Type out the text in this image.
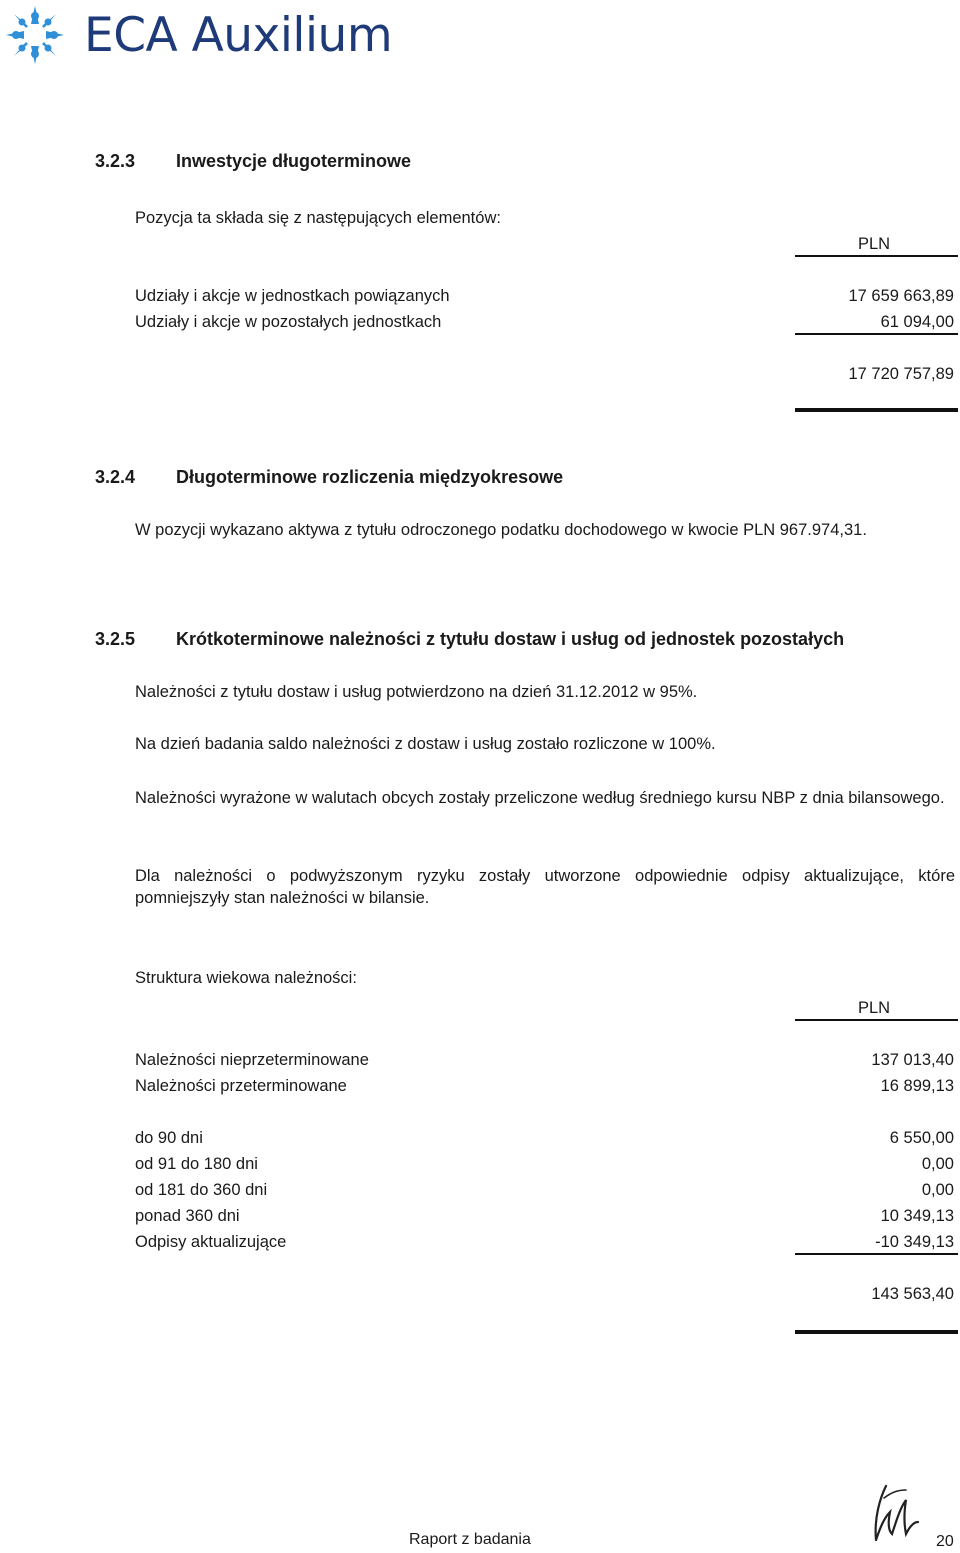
ECA Auxilium
3.2.3 Inwestycje długoterminowe
Pozycja ta składa się z następujących elementów:
PLN
Udziały i akcje w jednostkach powiązanych	17 659 663,89
Udziały i akcje w pozostałych jednostkach	61 094,00
17 720 757,89
3.2.4 Długoterminowe rozliczenia międzyokresowe
W pozycji wykazano aktywa z tytułu odroczonego podatku dochodowego w kwocie PLN 967.974,31.
3.2.5 Krótkoterminowe należności z tytułu dostaw i usług od jednostek pozostałych
Należności z tytułu dostaw i usług potwierdzono na dzień 31.12.2012 w 95%.
Na dzień badania saldo należności z dostaw i usług zostało rozliczone w 100%.
Należności wyrażone w walutach obcych zostały przeliczone według średniego kursu NBP z dnia bilansowego.
Dla należności o podwyższonym ryzyku zostały utworzone odpowiednie odpisy aktualizujące, które pomniejszyły stan należności w bilansie.
Struktura wiekowa należności:
PLN
Należności nieprzeterminowane	137 013,40
Należności przeterminowane	16 899,13
do 90 dni	6 550,00
od 91 do 180 dni	0,00
od 181 do 360 dni	0,00
ponad 360 dni	10 349,13
Odpisy aktualizujące	-10 349,13
143 563,40
Raport z badania	20
